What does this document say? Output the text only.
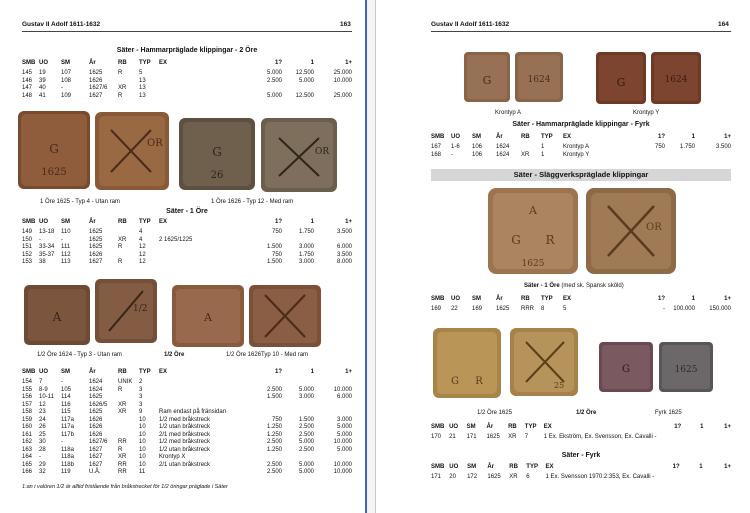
Gustav II Adolf 1611-1632	163
Säter - Hammarpräglade klippingar - 2 Öre
SMB	UO	SM	År	RB	TYP	EX	1?	1	1+
145	19	107	1625	R	5		5.000	12.500	25.000
146	39	108	1626		13		2.500	5.000	10.000
147	40	-	1627/6	XR	13				
148	41	109	1627	R	13		5.000	12.500	25.000
G
1625
OR
G
26
OR
1 Öre 1625 - Typ 4 - Utan ram	1 Öre 1626 - Typ 12 - Med ram
Säter - 1 Öre
SMB	UO	SM	År	RB	TYP	EX	1?	1	1+
149	13-18	110	1625		4		750	1.750	3.500
150	-	-	1625	XR	4	2 1625/1225			
151	33-34	111	1625	R	12		1.500	3.000	6.000
152	35-37	112	1626		12		750	1.750	3.500
153	38	113	1627	R	12		1.500	3.000	8.000
A
1/2
A
1/2 Öre 1624 - Typ 3 - Utan ram	1/2 Öre	1/2 Öre 1626Typ 10 - Med ram
SMB	UO	SM	År	RB	TYP	EX	1?	1	1+
154	7	-	1624	UNIK	2				
155	8-9	105	1624	R	3		2.500	5.000	10.000
156	10-11	114	1625		3		1.500	3.000	6.000
157	12	116	1626/5	XR	3				
158	23	115	1625	XR	9	Ram endast på fränsidan			
159	24	117a	1626		10	1/2 med bråkstreck	750	1.500	3.000
160	26	117a	1626		10	1/2 utan bråkstreck	1.250	2.500	5.000
161	25	117b	1626		10	2/1 med bråkstreck	1.250	2.500	5.000
162	30	-	1627/6	RR	10	1/2 med bråkstreck	2.500	5.000	10.000
163	28	118a	1627	R	10	1/2 utan bråkstreck	1.250	2.500	5.000
164	-	118a	1627	XR	10	Krontyp X			
165	29	118b	1627	RR	10	2/1 utan bråkstreck	2.500	5.000	10.000
166	32	119	U.Å.	RR	11		2.500	5.000	10.000
1:an i valören 1/2 är alltid fristående från bråkstrecket för 1/2 öringar präglade i Säter
Gustav II Adolf 1611-1632	164
G	1624	G	1624
Krontyp A	Krontyp Y
Säter - Hammarpräglade klippingar - Fyrk
SMB	UO	SM	År	RB	TYP	EX	1?	1	1+
167	1-6	106	1624		1	Krontyp A	750	1.750	3.500
168	-	106	1624	XR	1	Krontyp Y			
Säter - Släggverkspräglade klippingar
A
G R
1625
OR
Säter - 1 Öre (med sk. Spansk sköld)
SMB	UO	SM	År	RB	TYP	EX	1?	1	1+
169	22	169	1625	RRR	8	5	-	100.000	150.000
G R	25
G	1625
1/2 Öre 1625	1/2 Öre	Fyrk 1625
SMB	UO	SM	År	RB	TYP	EX	1?	1	1+
170	21	171	1625	XR	7	1 Ex. Ekström, Ex. Svensson, Ex. Cavalli -			
Säter - Fyrk
SMB	UO	SM	År	RB	TYP	EX	1?	1	1+
171	20	172	1625	XR	6	1 Ex. Svensson 1970:2:353, Ex. Cavalli -			
